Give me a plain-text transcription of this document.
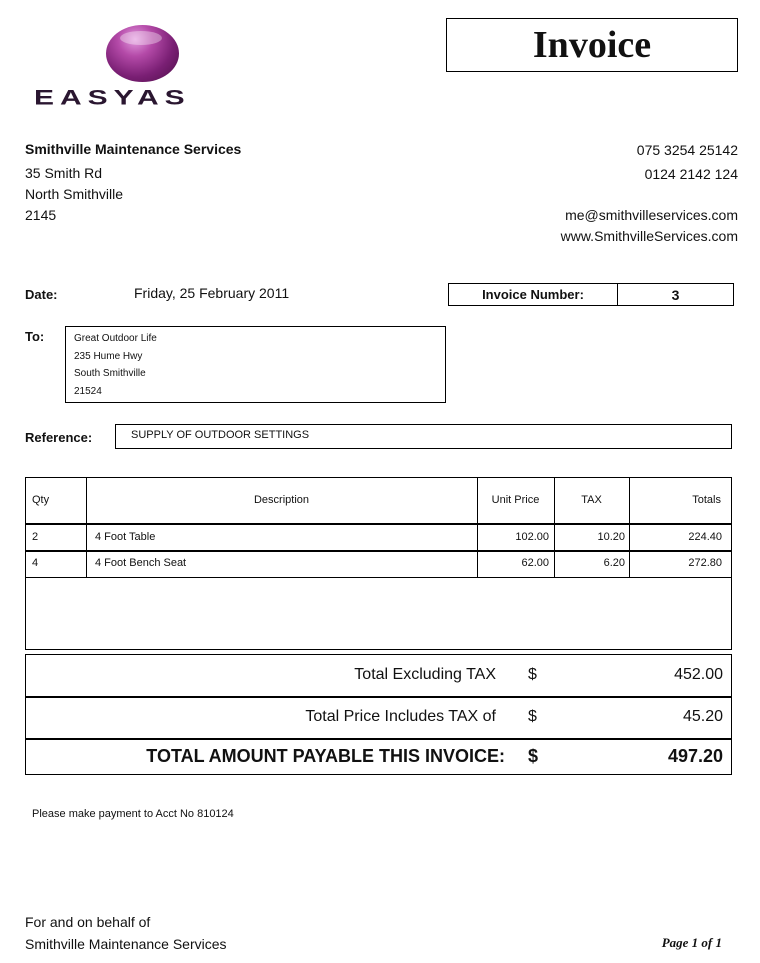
EASYAS
Invoice
Smithville Maintenance Services
35 Smith Rd
North Smithville
2145
075 3254 25142
0124 2142 124
me@smithvilleservices.com
www.SmithvilleServices.com
Date:	Friday, 25 February 2011	Invoice Number:	3
To:	Great Outdoor Life
235 Hume Hwy
South Smithville
21524
Reference:	SUPPLY OF OUTDOOR SETTINGS
Qty	Description	Unit Price	TAX	Totals
2	4 Foot Table	102.00	10.20	224.40
4	4 Foot Bench Seat	62.00	6.20	272.80
Total Excluding TAX $	452.00
Total Price Includes TAX of $	45.20
TOTAL AMOUNT PAYABLE THIS INVOICE: $	497.20
Please make payment to Acct No 810124
For and on behalf of
Smithville Maintenance Services	Page 1 of 1
